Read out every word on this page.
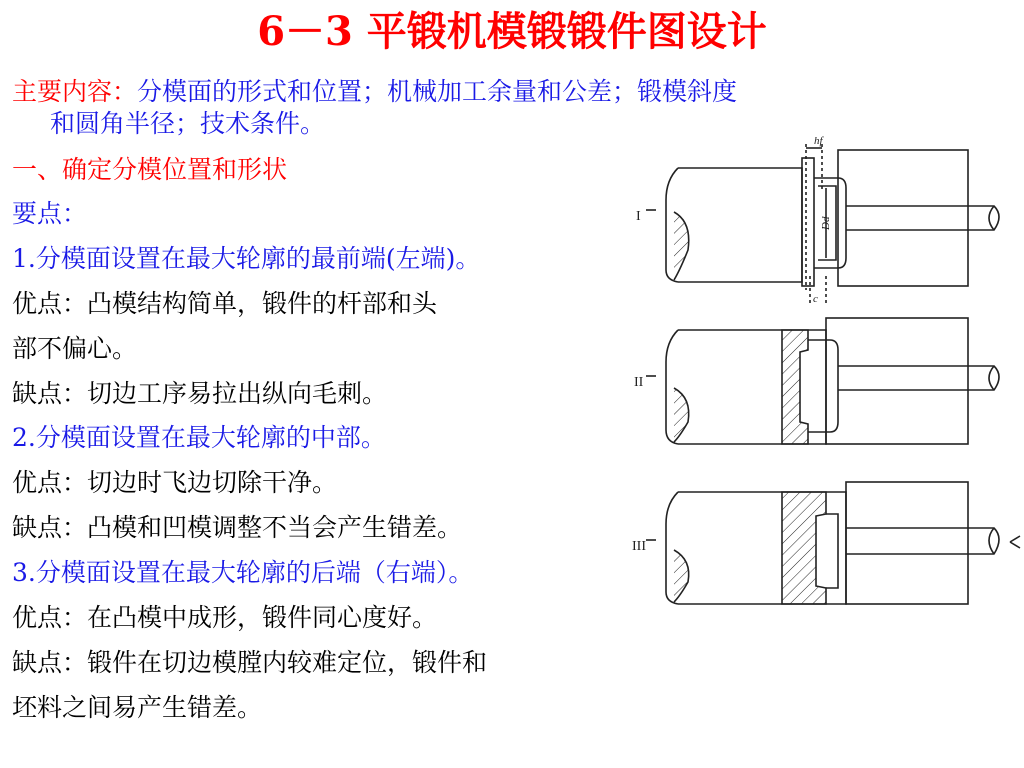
6－3 平锻机模锻锻件图设计
主要内容：分模面的形式和位置；机械加工余量和公差；锻模斜度
和圆角半径；技术条件。
一、确定分模位置和形状
要点：
1.分模面设置在最大轮廓的最前端(左端)。
优点：凸模结构简单，锻件的杆部和头
部不偏心。
缺点：切边工序易拉出纵向毛刺。
2.分模面设置在最大轮廓的中部。
优点：切边时飞边切除干净。
缺点：凸模和凹模调整不当会产生错差。
3.分模面设置在最大轮廓的后端（右端）。
优点：在凸模中成形，锻件同心度好。
缺点：锻件在切边模膛内较难定位，锻件和
坯料之间易产生错差。
I
hf
Dd
c
II
III
